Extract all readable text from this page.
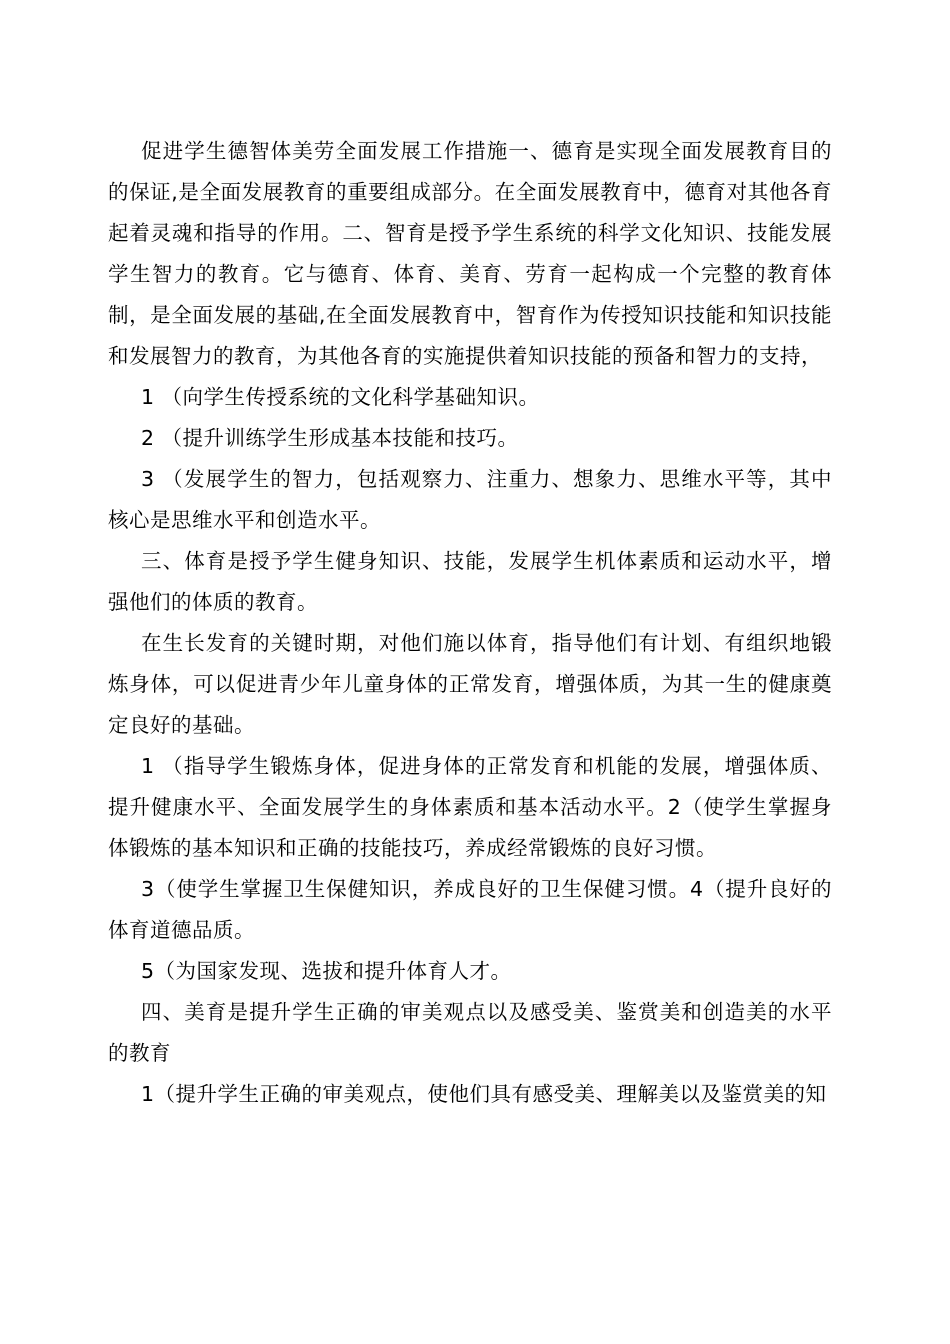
促进学生德智体美劳全面发展工作措施一、德育是实现全面发展教育目的的保证,是全面发展教育的重要组成部分。在全面发展教育中，德育对其他各育起着灵魂和指导的作用。二、智育是授予学生系统的科学文化知识、技能发展学生智力的教育。它与德育、体育、美育、劳育一起构成一个完整的教育体制，是全面发展的基础,在全面发展教育中，智育作为传授知识技能和知识技能和发展智力的教育，为其他各育的实施提供着知识技能的预备和智力的支持，

1 （向学生传授系统的文化科学基础知识。

2 （提升训练学生形成基本技能和技巧。

3 （发展学生的智力，包括观察力、注重力、想象力、思维水平等，其中核心是思维水平和创造水平。

三、体育是授予学生健身知识、技能，发展学生机体素质和运动水平，增强他们的体质的教育。

在生长发育的关键时期，对他们施以体育，指导他们有计划、有组织地锻炼身体，可以促进青少年儿童身体的正常发育，增强体质，为其一生的健康奠定良好的基础。

1 （指导学生锻炼身体，促进身体的正常发育和机能的发展，增强体质、提升健康水平、全面发展学生的身体素质和基本活动水平。2（使学生掌握身体锻炼的基本知识和正确的技能技巧，养成经常锻炼的良好习惯。

3（使学生掌握卫生保健知识，养成良好的卫生保健习惯。4（提升良好的体育道德品质。

5（为国家发现、选拔和提升体育人才。

四、美育是提升学生正确的审美观点以及感受美、鉴赏美和创造美的水平的教育

1（提升学生正确的审美观点，使他们具有感受美、理解美以及鉴赏美的知
